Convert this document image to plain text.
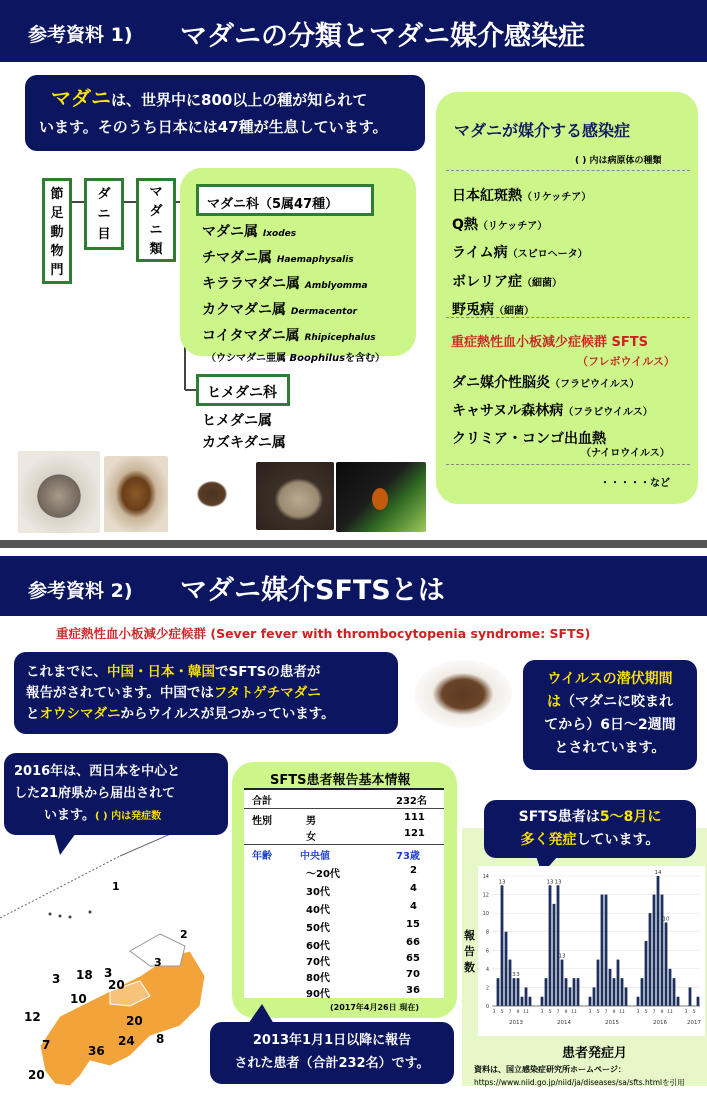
参考資料 1) マダニの分類とマダニ媒介感染症
マダニは、世界中に800以上の種が知られて
います。そのうち日本には47種が生息しています。
節
足
動
物
門
ダ
ニ
目
マ
ダ
ニ
類
マダニ科（5属47種）
マダニ属 Ixodes
チマダニ属 Haemaphysalis
キララマダニ属 Amblyomma
カクマダニ属 Dermacentor
コイタマダニ属 Rhipicephalus
（ウシマダニ亜属 Boophilusを含む）
ヒメダニ科
ヒメダニ属
カズキダニ属
マダニが媒介する感染症
( ) 内は病原体の種類
日本紅斑熱（リケッチア）
Q熱（リケッチア）
ライム病（スピロヘータ）
ボレリア症（細菌）
野兎病（細菌）
重症熱性血小板減少症候群 SFTS
（フレボウイルス）
ダニ媒介性脳炎（フラビウイルス）
キャサヌル森林病（フラビウイルス）
クリミア・コンゴ出血熱
（ナイロウイルス）
・・・・・など
参考資料 2) マダニ媒介SFTSとは
重症熱性血小板減少症候群 (Sever fever with thrombocytopenia syndrome: SFTS)
これまでに、中国・日本・韓国でSFTSの患者が
報告がされています。中国ではフタトゲチマダニ
とオウシマダニからウイルスが見つかっています。
ウイルスの潜伏期間
は（マダニに咬まれ
てから）6日〜2週間
とされています。
1
3 18 3
2
3
12
10
20
7
20
24 8
36
20
2016年は、西日本を中心と
した21府県から届出されて
います。( ) 内は発症数
SFTS患者報告基本情報
合計	232名
性別	男	111
女	121
年齢	中央値	73歳
〜20代	2
30代	4
40代	4
50代	15
60代	66
70代	65
80代	70
90代	36
(2017年4月26日 現在)
2013年1月1日以降に報告
された患者（合計232名）です。
SFTS患者は5〜8月に
多く発症しています。
報
告
数
14
12
10
8
6
4
2
0
13
3 3
13 13
13
14
10
3 5 7 9 11	3 5 7 9 11	3 5 7 9 11	3 5 7 9 11	3 5
2013	2014	2015	2016	2017
患者発症月
資料は、国立感染症研究所ホームページ：
https://www.niid.go.jp/niid/ja/diseases/sa/sfts.htmlを引用
